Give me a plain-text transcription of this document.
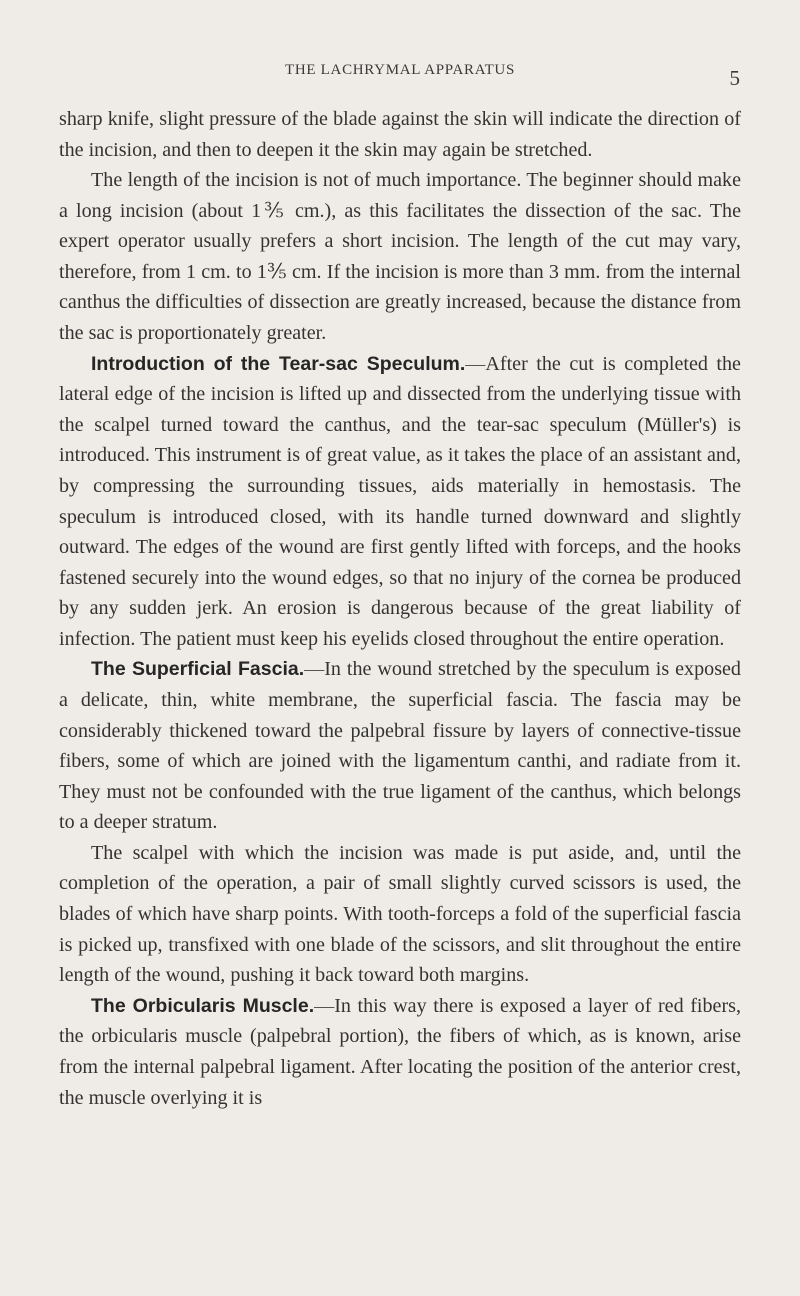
THE LACHRYMAL APPARATUS	5

sharp knife, slight pressure of the blade against the skin will indicate the direction of the incision, and then to deepen it the skin may again be stretched.

The length of the incision is not of much importance. The beginner should make a long incision (about 1⅗ cm.), as this facilitates the dissection of the sac. The expert operator usually prefers a short incision. The length of the cut may vary, therefore, from 1 cm. to 1⅗ cm. If the incision is more than 3 mm. from the internal canthus the difficulties of dissection are greatly increased, because the distance from the sac is proportionately greater.

Introduction of the Tear-sac Speculum.—After the cut is completed the lateral edge of the incision is lifted up and dissected from the underlying tissue with the scalpel turned toward the canthus, and the tear-sac speculum (Müller's) is introduced. This instrument is of great value, as it takes the place of an assistant and, by compressing the surrounding tissues, aids materially in hemostasis. The speculum is introduced closed, with its handle turned downward and slightly outward. The edges of the wound are first gently lifted with forceps, and the hooks fastened securely into the wound edges, so that no injury of the cornea be produced by any sudden jerk. An erosion is dangerous because of the great liability of infection. The patient must keep his eyelids closed throughout the entire operation.

The Superficial Fascia.—In the wound stretched by the speculum is exposed a delicate, thin, white membrane, the superficial fascia. The fascia may be considerably thickened toward the palpebral fissure by layers of connective-tissue fibers, some of which are joined with the ligamentum canthi, and radiate from it. They must not be confounded with the true ligament of the canthus, which belongs to a deeper stratum.

The scalpel with which the incision was made is put aside, and, until the completion of the operation, a pair of small slightly curved scissors is used, the blades of which have sharp points. With tooth-forceps a fold of the superficial fascia is picked up, transfixed with one blade of the scissors, and slit throughout the entire length of the wound, pushing it back toward both margins.

The Orbicularis Muscle.—In this way there is exposed a layer of red fibers, the orbicularis muscle (palpebral portion), the fibers of which, as is known, arise from the internal palpebral ligament. After locating the position of the anterior crest, the muscle overlying it is
